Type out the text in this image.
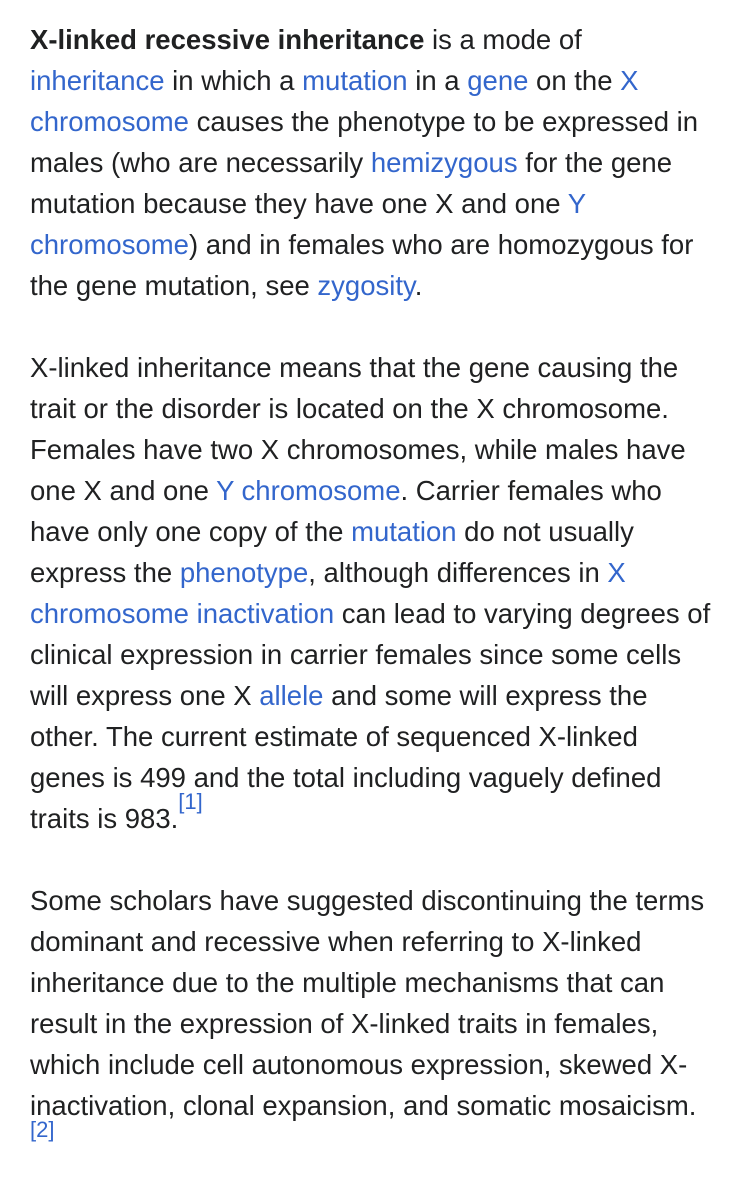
X-linked recessive inheritance is a mode of inheritance in which a mutation in a gene on the X chromosome causes the phenotype to be expressed in males (who are necessarily hemizygous for the gene mutation because they have one X and one Y chromosome) and in females who are homozygous for the gene mutation, see zygosity.

X-linked inheritance means that the gene causing the trait or the disorder is located on the X chromosome. Females have two X chromosomes, while males have one X and one Y chromosome. Carrier females who have only one copy of the mutation do not usually express the phenotype, although differences in X chromosome inactivation can lead to varying degrees of clinical expression in carrier females since some cells will express one X allele and some will express the other. The current estimate of sequenced X-linked genes is 499 and the total including vaguely defined traits is 983.[1]

Some scholars have suggested discontinuing the terms dominant and recessive when referring to X-linked inheritance due to the multiple mechanisms that can result in the expression of X-linked traits in females, which include cell autonomous expression, skewed X-inactivation, clonal expansion, and somatic mosaicism.[2]
